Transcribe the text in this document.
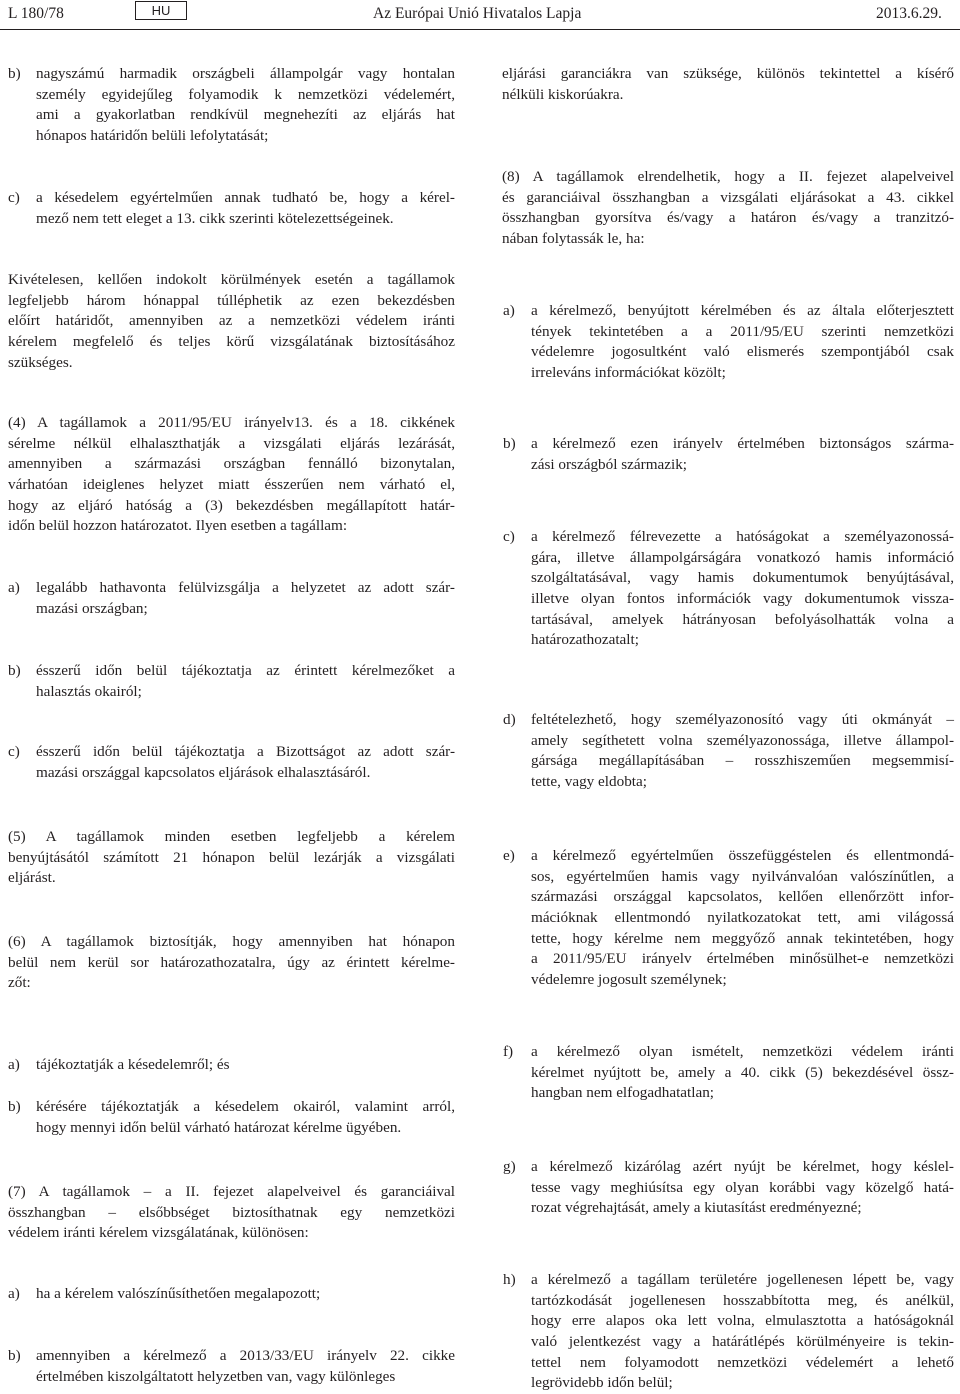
L 180/78	HU	Az Európai Unió Hivatalos Lapja	2013.6.29.
b) nagyszámú harmadik országbeli állampolgár vagy hontalan
személy egyidejűleg folyamodik k nemzetközi védelemért,
ami a gyakorlatban rendkívül megnehezíti az eljárás hat
hónapos határidőn belüli lefolytatását;
c) a késedelem egyértelműen annak tudható be, hogy a kérel-
mező nem tett eleget a 13. cikk szerinti kötelezettségeinek.
Kivételesen, kellően indokolt körülmények esetén a tagállamok
legfeljebb három hónappal túlléphetik az ezen bekezdésben
előírt határidőt, amennyiben az a nemzetközi védelem iránti
kérelem megfelelő és teljes körű vizsgálatának biztosításához
szükséges.
(4) A tagállamok a 2011/95/EU irányelv13. és a 18. cikkének
sérelme nélkül elhalaszthatják a vizsgálati eljárás lezárását,
amennyiben a származási országban fennálló bizonytalan,
várhatóan ideiglenes helyzet miatt ésszerűen nem várható el,
hogy az eljáró hatóság a (3) bekezdésben megállapított határ-
időn belül hozzon határozatot. Ilyen esetben a tagállam:
a) legalább hathavonta felülvizsgálja a helyzetet az adott szár-
mazási országban;
b) ésszerű időn belül tájékoztatja az érintett kérelmezőket a
halasztás okairól;
c) ésszerű időn belül tájékoztatja a Bizottságot az adott szár-
mazási országgal kapcsolatos eljárások elhalasztásáról.
(5) A tagállamok minden esetben legfeljebb a kérelem
benyújtásától számított 21 hónapon belül lezárják a vizsgálati
eljárást.
(6) A tagállamok biztosítják, hogy amennyiben hat hónapon
belül nem kerül sor határozathozatalra, úgy az érintett kérelme-
zőt:
a) tájékoztatják a késedelemről; és
b) kérésére tájékoztatják a késedelem okairól, valamint arról,
hogy mennyi időn belül várható határozat kérelme ügyében.
(7) A tagállamok – a II. fejezet alapelveivel és garanciáival
összhangban – elsőbbséget biztosíthatnak egy nemzetközi
védelem iránti kérelem vizsgálatának, különösen:
a) ha a kérelem valószínűsíthetően megalapozott;
b) amennyiben a kérelmező a 2013/33/EU irányelv 22. cikke
értelmében kiszolgáltatott helyzetben van, vagy különleges
eljárási garanciákra van szüksége, különös tekintettel a kísérő
nélküli kiskorúakra.
(8) A tagállamok elrendelhetik, hogy a II. fejezet alapelveivel
és garanciáival összhangban a vizsgálati eljárásokat a 43. cikkel
összhangban gyorsítva és/vagy a határon és/vagy a tranzitzó-
nában folytassák le, ha:
a) a kérelmező, benyújtott kérelmében és az általa előterjesztett
tények tekintetében a a 2011/95/EU szerinti nemzetközi
védelemre jogosultként való elismerés szempontjából csak
irreleváns információkat közölt;
b) a kérelmező ezen irányelv értelmében biztonságos szárma-
zási országból származik;
c) a kérelmező félrevezette a hatóságokat a személyazonossá-
gára, illetve állampolgárságára vonatkozó hamis információ
szolgáltatásával, vagy hamis dokumentumok benyújtásával,
illetve olyan fontos információk vagy dokumentumok vissza-
tartásával, amelyek hátrányosan befolyásolhatták volna a
határozathozatalt;
d) feltételezhető, hogy személyazonosító vagy úti okmányát –
amely segíthetett volna személyazonossága, illetve állampol-
gársága megállapításában – rosszhiszeműen megsemmisí-
tette, vagy eldobta;
e) a kérelmező egyértelműen összefüggéstelen és ellentmondá-
sos, egyértelműen hamis vagy nyilvánvalóan valószínűtlen, a
származási országgal kapcsolatos, kellően ellenőrzött infor-
mációknak ellentmondó nyilatkozatokat tett, ami világossá
tette, hogy kérelme nem meggyőző annak tekintetében, hogy
a 2011/95/EU irányelv értelmében minősülhet-e nemzetközi
védelemre jogosult személynek;
f) a kérelmező olyan ismételt, nemzetközi védelem iránti
kérelmet nyújtott be, amely a 40. cikk (5) bekezdésével össz-
hangban nem elfogadhatatlan;
g) a kérelmező kizárólag azért nyújt be kérelmet, hogy késlel-
tesse vagy meghiúsítsa egy olyan korábbi vagy közelgő hatá-
rozat végrehajtását, amely a kiutasítást eredményezné;
h) a kérelmező a tagállam területére jogellenesen lépett be, vagy
tartózkodását jogellenesen hosszabbította meg, és anélkül,
hogy erre alapos oka lett volna, elmulasztotta a hatóságoknál
való jelentkezést vagy a határátlépés körülményeire is tekin-
tettel nem folyamodott nemzetközi védelemért a lehető
legrövidebb időn belül;
